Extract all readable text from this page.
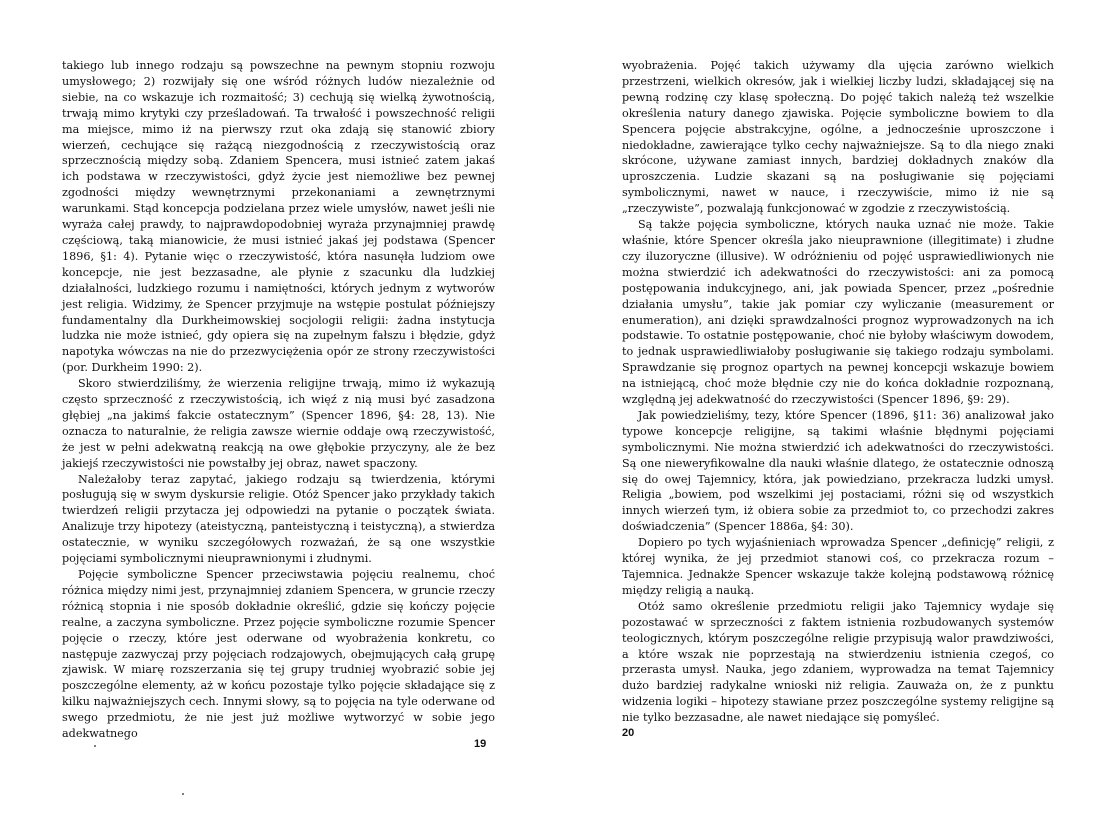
takiego lub innego rodzaju są powszechne na pewnym stopniu rozwoju umysłowego; 2) rozwijały się one wśród różnych ludów niezależnie od siebie, na co wskazuje ich rozmaitość; 3) cechują się wielką żywotnością, trwają mimo krytyki czy prześladowań. Ta trwałość i powszechność religii ma miejsce, mimo iż na pierwszy rzut oka zdają się stanowić zbiory wierzeń, cechujące się rażącą niezgodnością z rzeczywistością oraz sprzecznością między sobą. Zdaniem Spencera, musi istnieć zatem jakaś ich podstawa w rzeczywistości, gdyż życie jest niemożliwe bez pewnej zgodności między wewnętrznymi przekonaniami a zewnętrznymi warunkami. Stąd koncepcja podzielana przez wiele umysłów, nawet jeśli nie wyraża całej prawdy, to najprawdopodobniej wyraża przynajmniej prawdę częściową, taką mianowicie, że musi istnieć jakaś jej podstawa (Spencer 1896, §1: 4). Pytanie więc o rzeczywistość, która nasunęła ludziom owe koncepcje, nie jest bezzasadne, ale płynie z szacunku dla ludzkiej działalności, ludzkiego rozumu i namiętności, których jednym z wytworów jest religia. Widzimy, że Spencer przyjmuje na wstępie postulat późniejszy fundamentalny dla Durkheimowskiej socjologii religii: żadna instytucja ludzka nie może istnieć, gdy opiera się na zupełnym fałszu i błędzie, gdyż napotyka wówczas na nie do przezwyciężenia opór ze strony rzeczywistości (por. Durkheim 1990: 2).

Skoro stwierdziliśmy, że wierzenia religijne trwają, mimo iż wykazują często sprzeczność z rzeczywistością, ich więź z nią musi być zasadzona głębiej „na jakimś fakcie ostatecznym” (Spencer 1896, §4: 28, 13). Nie oznacza to naturalnie, że religia zawsze wiernie oddaje ową rzeczywistość, że jest w pełni adekwatną reakcją na owe głębokie przyczyny, ale że bez jakiejś rzeczywistości nie powstałby jej obraz, nawet spaczony.

Należałoby teraz zapytać, jakiego rodzaju są twierdzenia, którymi posługują się w swym dyskursie religie. Otóż Spencer jako przykłady takich twierdzeń religii przytacza jej odpowiedzi na pytanie o początek świata. Analizuje trzy hipotezy (ateistyczną, panteistyczną i teistyczną), a stwierdza ostatecznie, w wyniku szczegółowych rozważań, że są one wszystkie pojęciami symbolicznymi nieuprawnionymi i złudnymi.

Pojęcie symboliczne Spencer przeciwstawia pojęciu realnemu, choć różnica między nimi jest, przynajmniej zdaniem Spencera, w gruncie rzeczy różnicą stopnia i nie sposób dokładnie określić, gdzie się kończy pojęcie realne, a zaczyna symboliczne. Przez pojęcie symboliczne rozumie Spencer pojęcie o rzeczy, które jest oderwane od wyobrażenia konkretu, co następuje zazwyczaj przy pojęciach rodzajowych, obejmujących całą grupę zjawisk. W miarę rozszerzania się tej grupy trudniej wyobrazić sobie jej poszczególne elementy, aż w końcu pozostaje tylko pojęcie składające się z kilku najważniejszych cech. Innymi słowy, są to pojęcia na tyle oderwane od swego przedmiotu, że nie jest już możliwe wytworzyć w sobie jego adekwatnego

19

wyobrażenia. Pojęć takich używamy dla ujęcia zarówno wielkich przestrzeni, wielkich okresów, jak i wielkiej liczby ludzi, składającej się na pewną rodzinę czy klasę społeczną. Do pojęć takich należą też wszelkie określenia natury danego zjawiska. Pojęcie symboliczne bowiem to dla Spencera pojęcie abstrakcyjne, ogólne, a jednocześnie uproszczone i niedokładne, zawierające tylko cechy najważniejsze. Są to dla niego znaki skrócone, używane zamiast innych, bardziej dokładnych znaków dla uproszczenia. Ludzie skazani są na posługiwanie się pojęciami symbolicznymi, nawet w nauce, i rzeczywiście, mimo iż nie są „rzeczywiste”, pozwalają funkcjonować w zgodzie z rzeczywistością.

Są także pojęcia symboliczne, których nauka uznać nie może. Takie właśnie, które Spencer określa jako nieuprawnione (illegitimate) i złudne czy iluzoryczne (illusive). W odróżnieniu od pojęć usprawiedliwionych nie można stwierdzić ich adekwatności do rzeczywistości: ani za pomocą postępowania indukcyjnego, ani, jak powiada Spencer, przez „pośrednie działania umysłu”, takie jak pomiar czy wyliczanie (measurement or enumeration), ani dzięki sprawdzalności prognoz wyprowadzonych na ich podstawie. To ostatnie postępowanie, choć nie byłoby właściwym dowodem, to jednak usprawiedliwiałoby posługiwanie się takiego rodzaju symbolami. Sprawdzanie się prognoz opartych na pewnej koncepcji wskazuje bowiem na istniejącą, choć może błędnie czy nie do końca dokładnie rozpoznaną, względną jej adekwatność do rzeczywistości (Spencer 1896, §9: 29).

Jak powiedzieliśmy, tezy, które Spencer (1896, §11: 36) analizował jako typowe koncepcje religijne, są takimi właśnie błędnymi pojęciami symbolicznymi. Nie można stwierdzić ich adekwatności do rzeczywistości. Są one nieweryfikowalne dla nauki właśnie dlatego, że ostatecznie odnoszą się do owej Tajemnicy, która, jak powiedziano, przekracza ludzki umysł. Religia „bowiem, pod wszelkimi jej postaciami, różni się od wszystkich innych wierzeń tym, iż obiera sobie za przedmiot to, co przechodzi zakres doświadczenia” (Spencer 1886a, §4: 30).

Dopiero po tych wyjaśnieniach wprowadza Spencer „definicję” religii, z której wynika, że jej przedmiot stanowi coś, co przekracza rozum – Tajemnica. Jednakże Spencer wskazuje także kolejną podstawową różnicę między religią a nauką.

Otóż samo określenie przedmiotu religii jako Tajemnicy wydaje się pozostawać w sprzeczności z faktem istnienia rozbudowanych systemów teologicznych, którym poszczególne religie przypisują walor prawdziwości, a które wszak nie poprzestają na stwierdzeniu istnienia czegoś, co przerasta umysł. Nauka, jego zdaniem, wyprowadza na temat Tajemnicy dużo bardziej radykalne wnioski niż religia. Zauważa on, że z punktu widzenia logiki – hipotezy stawiane przez poszczególne systemy religijne są nie tylko bezzasadne, ale nawet niedające się pomyśleć.

20
